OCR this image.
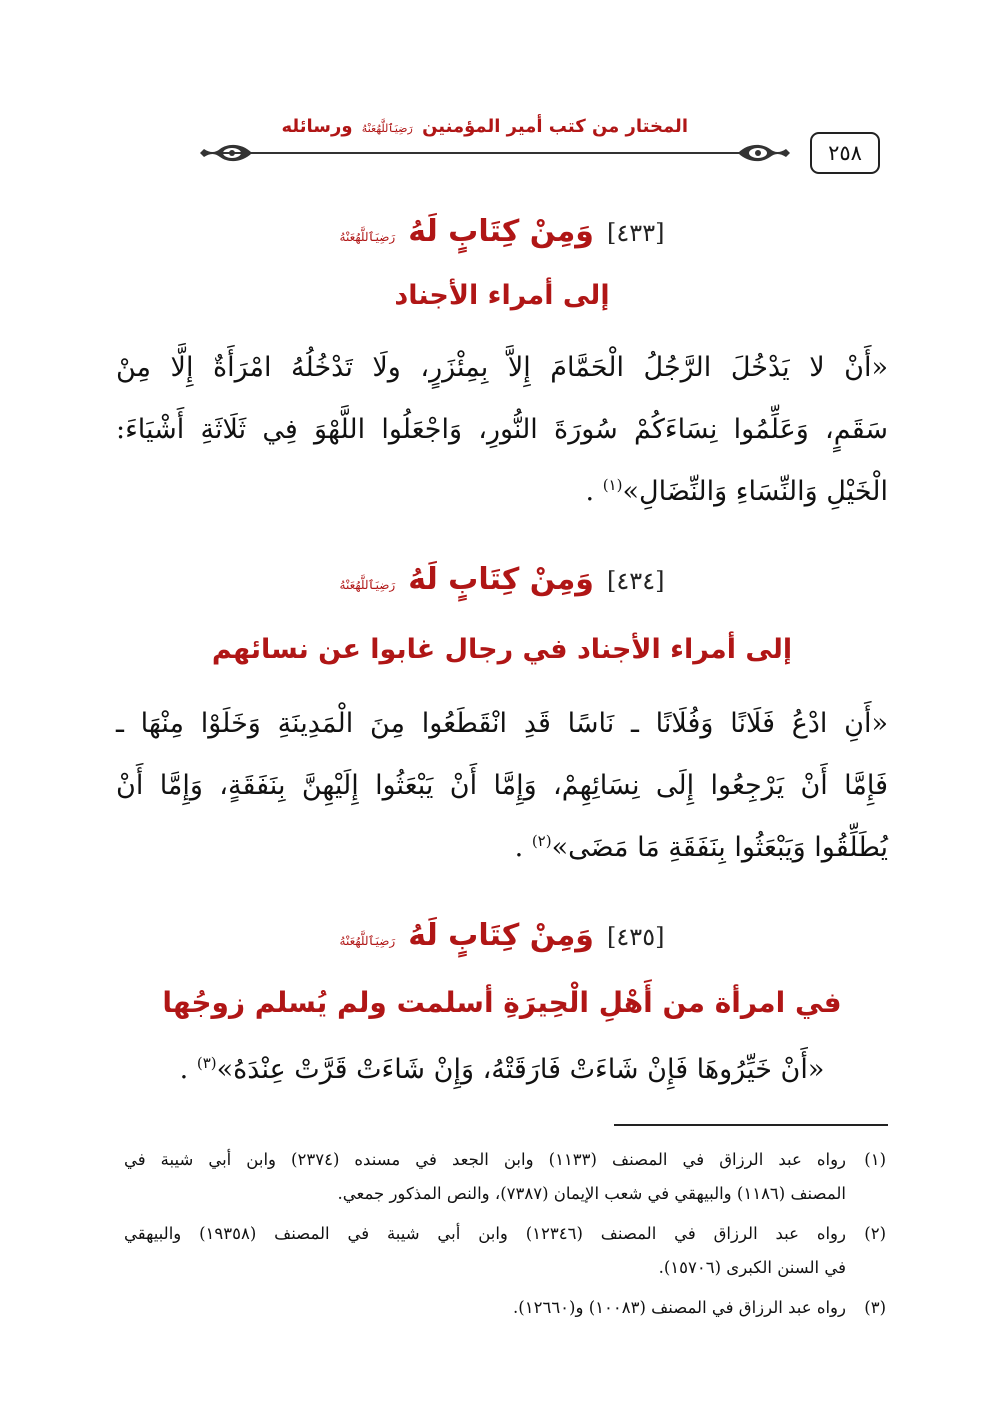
المختار من كتب أمير المؤمنين رَضِيَٱللَّهُعَنْهُ ورسائله
٢٥٨
[٤٣٣] وَمِنْ كِتَابٍ لَهُ رَضِيَٱللَّهُعَنْهُ
إلى أمراء الأجناد
«أَنْ لا يَدْخُلَ الرَّجُلُ الْحَمَّامَ إِلاَّ بِمِئْزَرٍ، ولَا تَدْخُلُهُ امْرَأَةٌ إِلَّا مِنْ
سَقَمٍ، وَعَلِّمُوا نِسَاءَكُمْ سُورَةَ النُّورِ، وَاجْعَلُوا اللَّهْوَ فِي ثَلَاثَةِ أَشْيَاءَ:
الْخَيْلِ وَالنِّسَاءِ وَالنِّضَالِ»$^{(١)}$ .
[٤٣٤] وَمِنْ كِتَابٍ لَهُ رَضِيَٱللَّهُعَنْهُ
إلى أمراء الأجناد في رجال غابوا عن نسائهم
«أَنِ ادْعُ فَلَانًا وَفُلَانًا ـ نَاسًا قَدِ انْقَطَعُوا مِنَ الْمَدِينَةِ وَخَلَوْا مِنْهَا ـ
فَإِمَّا أَنْ يَرْجِعُوا إِلَى نِسَائِهِمْ، وَإِمَّا أَنْ يَبْعَثُوا إِلَيْهِنَّ بِنَفَقَةٍ، وَإِمَّا أَنْ
يُطَلِّقُوا وَيَبْعَثُوا بِنَفَقَةِ مَا مَضَى»$^{(٢)}$ .
[٤٣٥] وَمِنْ كِتَابٍ لَهُ رَضِيَٱللَّهُعَنْهُ
في امرأة من أَهْلِ الْحِيرَةِ أسلمت ولم يُسلم زوجُها
«أَنْ خَيِّرُوهَا فَإِنْ شَاءَتْ فَارَقَتْهُ، وَإِنْ شَاءَتْ قَرَّتْ عِنْدَهُ»$^{(٣)}$ .
(١)رواه عبد الرزاق في المصنف (١١٣٣) وابن الجعد في مسنده (٢٣٧٤) وابن أبي شيبة في
المصنف (١١٨٦) والبيهقي في شعب الإيمان (٧٣٨٧)، والنص المذكور جمعي.
(٢)رواه عبد الرزاق في المصنف (١٢٣٤٦) وابن أبي شيبة في المصنف (١٩٣٥٨) والبيهقي
في السنن الكبرى (١٥٧٠٦).
(٣)رواه عبد الرزاق في المصنف (١٠٠٨٣) و(١٢٦٦٠).
